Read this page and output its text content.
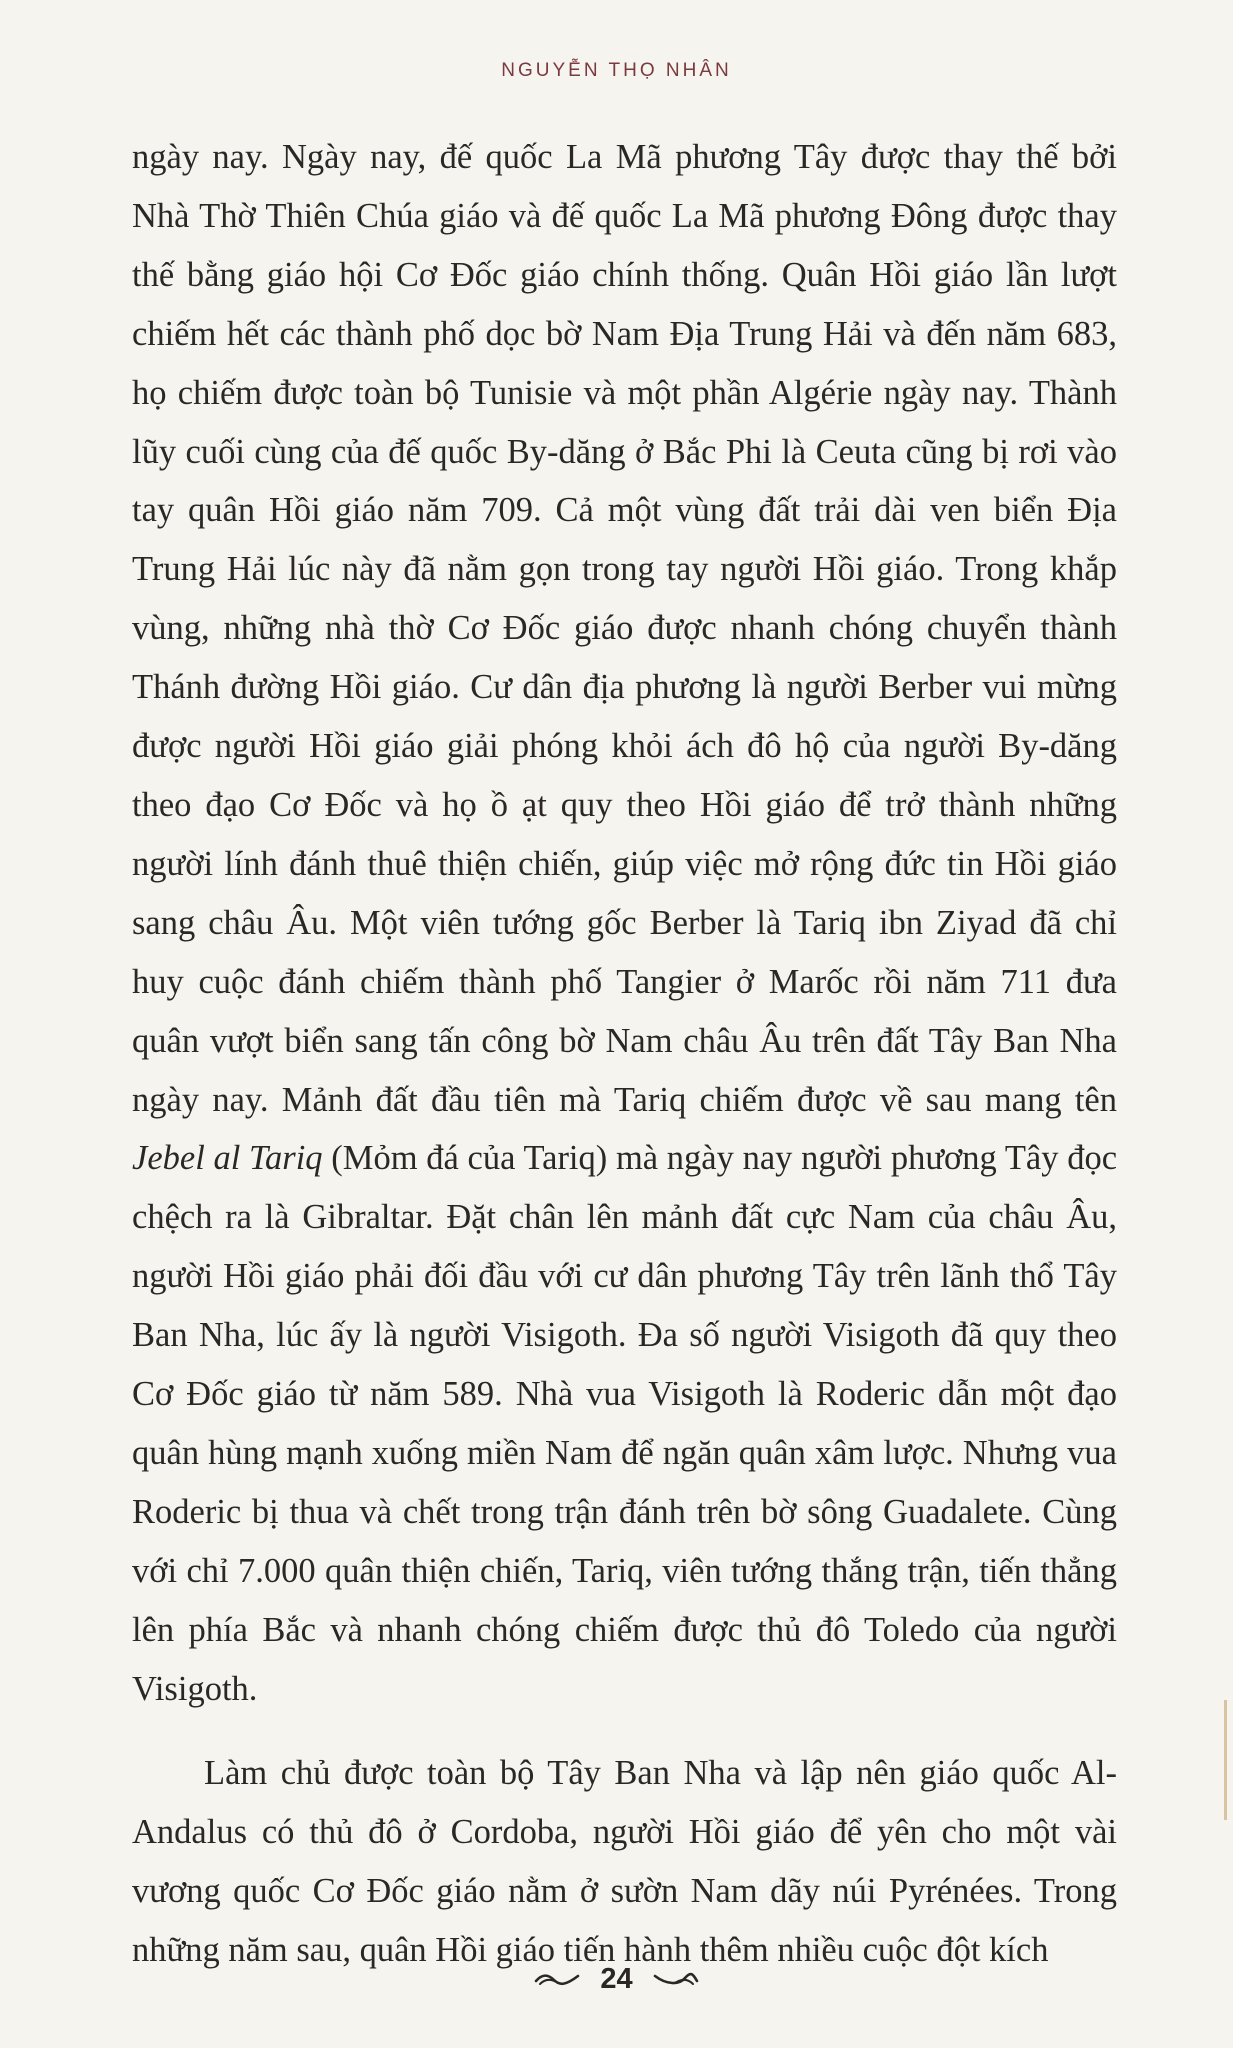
NGUYỄN THỌ NHÂN

ngày nay. Ngày nay, đế quốc La Mã phương Tây được thay thế bởi Nhà Thờ Thiên Chúa giáo và đế quốc La Mã phương Đông được thay thế bằng giáo hội Cơ Đốc giáo chính thống. Quân Hồi giáo lần lượt chiếm hết các thành phố dọc bờ Nam Địa Trung Hải và đến năm 683, họ chiếm được toàn bộ Tunisie và một phần Algérie ngày nay. Thành lũy cuối cùng của đế quốc By-dăng ở Bắc Phi là Ceuta cũng bị rơi vào tay quân Hồi giáo năm 709. Cả một vùng đất trải dài ven biển Địa Trung Hải lúc này đã nằm gọn trong tay người Hồi giáo. Trong khắp vùng, những nhà thờ Cơ Đốc giáo được nhanh chóng chuyển thành Thánh đường Hồi giáo. Cư dân địa phương là người Berber vui mừng được người Hồi giáo giải phóng khỏi ách đô hộ của người By-dăng theo đạo Cơ Đốc và họ ồ ạt quy theo Hồi giáo để trở thành những người lính đánh thuê thiện chiến, giúp việc mở rộng đức tin Hồi giáo sang châu Âu. Một viên tướng gốc Berber là Tariq ibn Ziyad đã chỉ huy cuộc đánh chiếm thành phố Tangier ở Marốc rồi năm 711 đưa quân vượt biển sang tấn công bờ Nam châu Âu trên đất Tây Ban Nha ngày nay. Mảnh đất đầu tiên mà Tariq chiếm được về sau mang tên Jebel al Tariq (Mỏm đá của Tariq) mà ngày nay người phương Tây đọc chệch ra là Gibraltar. Đặt chân lên mảnh đất cực Nam của châu Âu, người Hồi giáo phải đối đầu với cư dân phương Tây trên lãnh thổ Tây Ban Nha, lúc ấy là người Visigoth. Đa số người Visigoth đã quy theo Cơ Đốc giáo từ năm 589. Nhà vua Visigoth là Roderic dẫn một đạo quân hùng mạnh xuống miền Nam để ngăn quân xâm lược. Nhưng vua Roderic bị thua và chết trong trận đánh trên bờ sông Guadalete. Cùng với chỉ 7.000 quân thiện chiến, Tariq, viên tướng thắng trận, tiến thẳng lên phía Bắc và nhanh chóng chiếm được thủ đô Toledo của người Visigoth.

Làm chủ được toàn bộ Tây Ban Nha và lập nên giáo quốc Al-Andalus có thủ đô ở Cordoba, người Hồi giáo để yên cho một vài vương quốc Cơ Đốc giáo nằm ở sườn Nam dãy núi Pyrénées. Trong những năm sau, quân Hồi giáo tiến hành thêm nhiều cuộc đột kích

24
